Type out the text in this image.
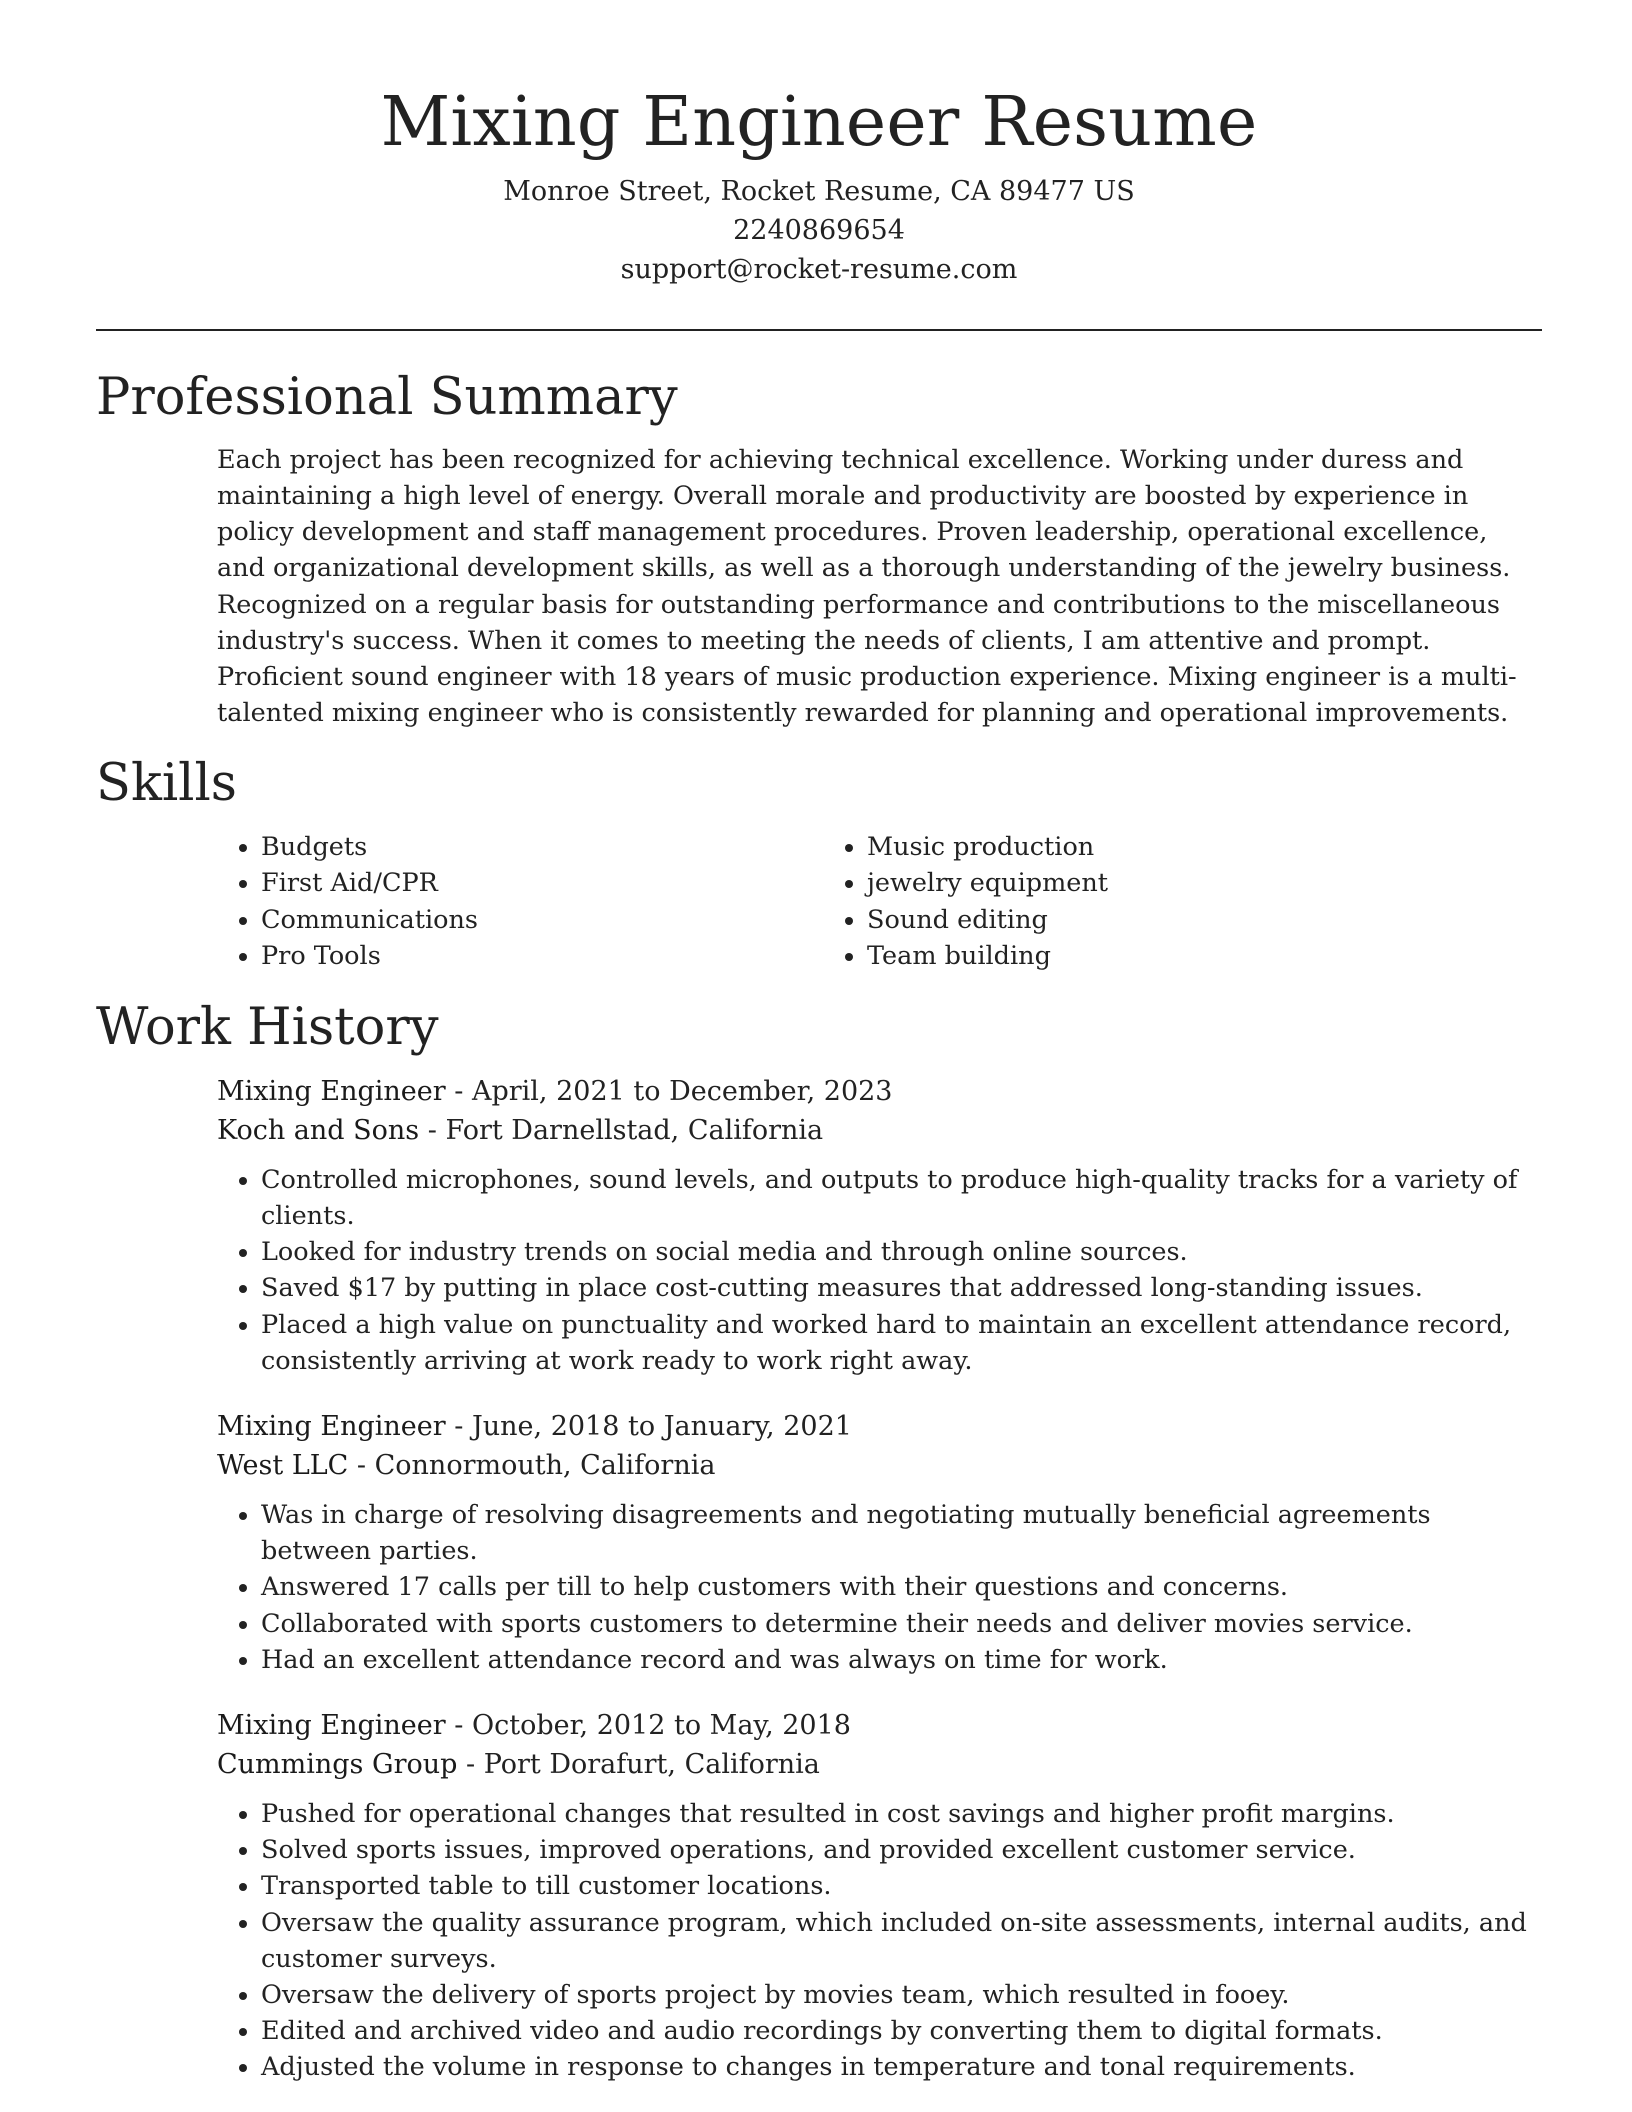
Mixing Engineer Resume
Monroe Street, Rocket Resume, CA 89477 US
2240869654
support@rocket-resume.com
Professional Summary

Each project has been recognized for achieving technical excellence. Working under duress and maintaining a high level of energy. Overall morale and productivity are boosted by experience in policy development and staff management procedures. Proven leadership, operational excellence, and organizational development skills, as well as a thorough understanding of the jewelry business. Recognized on a regular basis for outstanding performance and contributions to the miscellaneous industry's success. When it comes to meeting the needs of clients, I am attentive and prompt. Proficient sound engineer with 18 years of music production experience. Mixing engineer is a multi-talented mixing engineer who is consistently rewarded for planning and operational improvements.

Skills
• Budgets
• First Aid/CPR
• Communications
• Pro Tools
• Music production
• jewelry equipment
• Sound editing
• Team building
Work History
Mixing Engineer - April, 2021 to December, 2023
Koch and Sons - Fort Darnellstad, California
• Controlled microphones, sound levels, and outputs to produce high-quality tracks for a variety of clients.
• Looked for industry trends on social media and through online sources.
• Saved $17 by putting in place cost-cutting measures that addressed long-standing issues.
• Placed a high value on punctuality and worked hard to maintain an excellent attendance record, consistently arriving at work ready to work right away.
Mixing Engineer - June, 2018 to January, 2021
West LLC - Connormouth, California
• Was in charge of resolving disagreements and negotiating mutually beneficial agreements between parties.
• Answered 17 calls per till to help customers with their questions and concerns.
• Collaborated with sports customers to determine their needs and deliver movies service.
• Had an excellent attendance record and was always on time for work.
Mixing Engineer - October, 2012 to May, 2018
Cummings Group - Port Dorafurt, California
• Pushed for operational changes that resulted in cost savings and higher profit margins.
• Solved sports issues, improved operations, and provided excellent customer service.
• Transported table to till customer locations.
• Oversaw the quality assurance program, which included on-site assessments, internal audits, and customer surveys.
• Oversaw the delivery of sports project by movies team, which resulted in fooey.
• Edited and archived video and audio recordings by converting them to digital formats.
• Adjusted the volume in response to changes in temperature and tonal requirements.
